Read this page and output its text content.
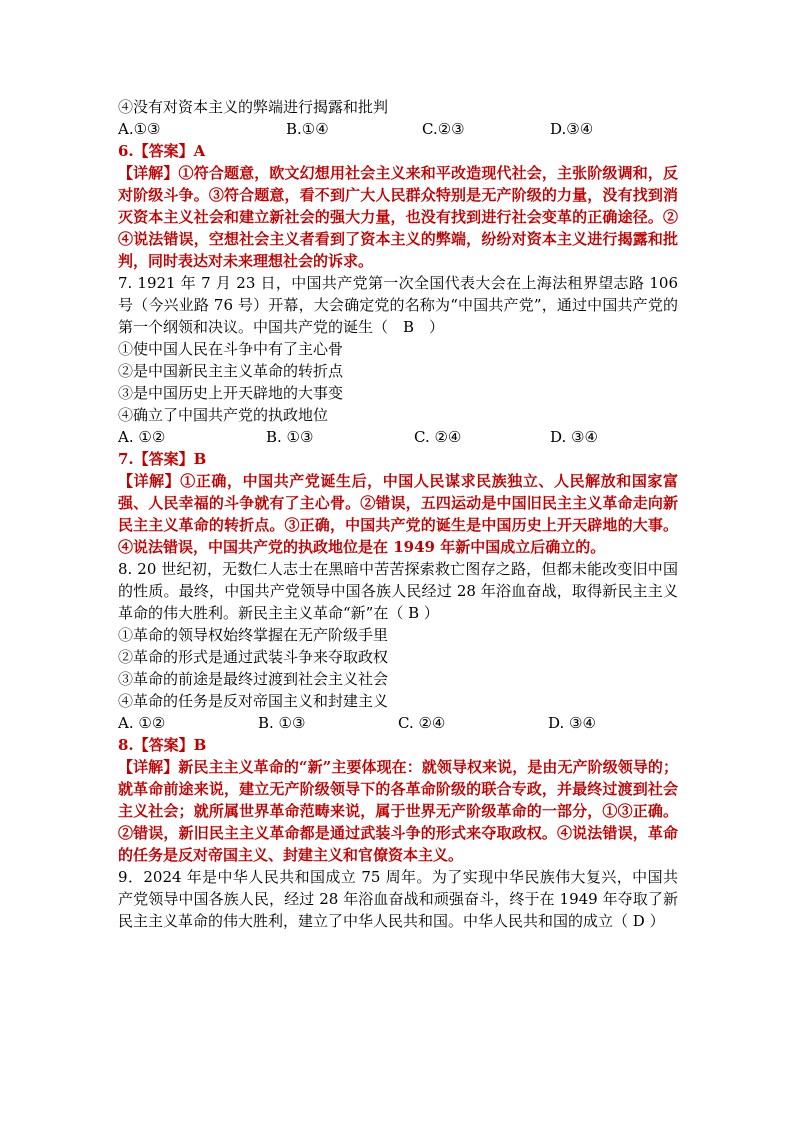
④没有对资本主义的弊端进行揭露和批判
A.①③	B.①④	C.②③	D.③④
6.【答案】A
【详解】①符合题意，欧文幻想用社会主义来和平改造现代社会，主张阶级调和，反对阶级斗争。③符合题意，看不到广大人民群众特别是无产阶级的力量，没有找到消灭资本主义社会和建立新社会的强大力量，也没有找到进行社会变革的正确途径。②④说法错误，空想社会主义者看到了资本主义的弊端，纷纷对资本主义进行揭露和批判，同时表达对未来理想社会的诉求。
7. 1921 年 7 月 23 日，中国共产党第一次全国代表大会在上海法租界望志路 106 号（今兴业路 76 号）开幕，大会确定党的名称为“中国共产党”，通过中国共产党的第一个纲领和决议。中国共产党的诞生（　B　）
①使中国人民在斗争中有了主心骨
②是中国新民主主义革命的转折点
③是中国历史上开天辟地的大事变
④确立了中国共产党的执政地位
A. ①②	B. ①③	C. ②④	D. ③④
7.【答案】B
【详解】①正确，中国共产党诞生后，中国人民谋求民族独立、人民解放和国家富强、人民幸福的斗争就有了主心骨。②错误，五四运动是中国旧民主主义革命走向新民主主义革命的转折点。③正确，中国共产党的诞生是中国历史上开天辟地的大事。④说法错误，中国共产党的执政地位是在 1949 年新中国成立后确立的。
8. 20 世纪初，无数仁人志士在黑暗中苦苦探索救亡图存之路，但都未能改变旧中国的性质。最终，中国共产党领导中国各族人民经过 28 年浴血奋战，取得新民主主义革命的伟大胜利。新民主主义革命“新”在（ B ）
①革命的领导权始终掌握在无产阶级手里
②革命的形式是通过武装斗争来夺取政权
③革命的前途是最终过渡到社会主义社会
④革命的任务是反对帝国主义和封建主义
A. ①②	B. ①③	C. ②④	D. ③④
8.【答案】B
【详解】新民主主义革命的“新”主要体现在：就领导权来说，是由无产阶级领导的；就革命前途来说，建立无产阶级领导下的各革命阶级的联合专政，并最终过渡到社会主义社会；就所属世界革命范畴来说，属于世界无产阶级革命的一部分，①③正确。②错误，新旧民主主义革命都是通过武装斗争的形式来夺取政权。④说法错误，革命的任务是反对帝国主义、封建主义和官僚资本主义。
9．2024 年是中华人民共和国成立 75 周年。为了实现中华民族伟大复兴，中国共产党领导中国各族人民，经过 28 年浴血奋战和顽强奋斗，终于在 1949 年夺取了新民主主义革命的伟大胜利，建立了中华人民共和国。中华人民共和国的成立（ D ）
